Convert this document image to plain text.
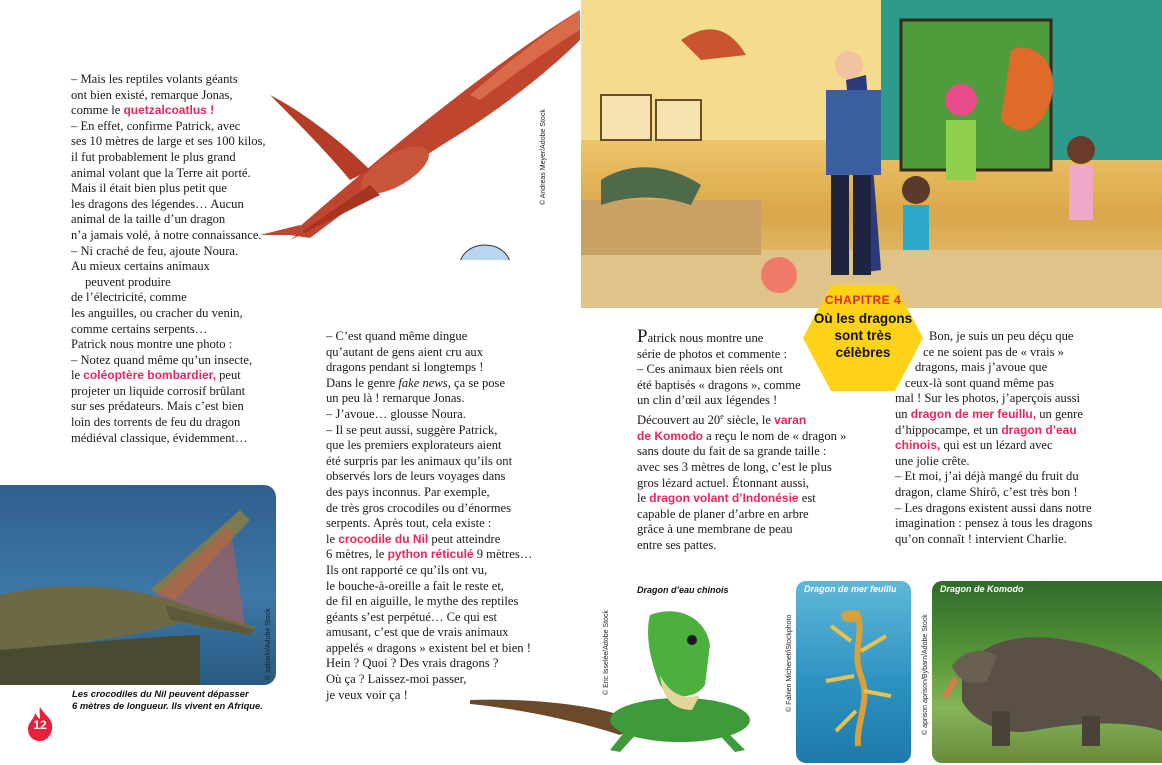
© Andreas Meyer/Adobe Stock

– Mais les reptiles volants géants

ont bien existé, remarque Jonas,

comme le quetzalcoatlus !

– En effet, confirme Patrick, avec

ses 10 mètres de large et ses 100 kilos,

il fut probablement le plus grand

animal volant que la Terre ait porté.

Mais il était bien plus petit que

les dragons des légendes… Aucun

animal de la taille d’un dragon

n’a jamais volé, à notre connaissance.

– Ni craché de feu, ajoute Noura.

Au mieux certains animaux

peuvent produire

de l’électricité, comme

les anguilles, ou cracher du venin,

comme certains serpents…

Patrick nous montre une photo :

– Notez quand même qu’un insecte,

le coléoptère bombardier, peut

projeter un liquide corrosif brûlant

sur ses prédateurs. Mais c’est bien

loin des torrents de feu du dragon

médiéval classique, évidemment…

© sabarlo/Adobe Stock
Les crocodiles du Nil peuvent dépasser
6 mètres de longueur. Ils vivent en Afrique.
12

– C’est quand même dingue

qu’autant de gens aient cru aux

dragons pendant si longtemps !

Dans le genre fake news, ça se pose

un peu là ! remarque Jonas.

– J’avoue… glousse Noura.

– Il se peut aussi, suggère Patrick,

que les premiers explorateurs aient

été surpris par les animaux qu’ils ont

observés lors de leurs voyages dans

des pays inconnus. Par exemple,

de très gros crocodiles ou d’énormes

serpents. Après tout, cela existe :

le crocodile du Nil peut atteindre

6 mètres, le python réticulé 9 mètres…

Ils ont rapporté ce qu’ils ont vu,

le bouche-à-oreille a fait le reste et,

de fil en aiguille, le mythe des reptiles

géants s’est perpétué… Ce qui est

amusant, c’est que de vrais animaux

appelés « dragons » existent bel et bien !

Hein ? Quoi ? Des vrais dragons ?

Où ça ? Laissez-moi passer,

je veux voir ça !

CHAPITRE 4
Où les dragons
sont très
célèbres

Patrick nous montre une

série de photos et commente :

– Ces animaux bien réels ont

été baptisés « dragons », comme

un clin d’œil aux légendes !

Découvert au 20e siècle, le varan

de Komodo a reçu le nom de « dragon »

sans doute du fait de sa grande taille :

avec ses 3 mètres de long, c’est le plus

gros lézard actuel. Étonnant aussi,

le dragon volant d’Indonésie est

capable de planer d’arbre en arbre

grâce à une membrane de peau

entre ses pattes.

Bon, je suis un peu déçu que

ce ne soient pas de « vrais »

dragons, mais j’avoue que

ceux-là sont quand même pas

mal ! Sur les photos, j’aperçois aussi

un dragon de mer feuillu, un genre

d’hippocampe, et un dragon d’eau

chinois, qui est un lézard avec

une jolie crête.

– Et moi, j’ai déjà mangé du fruit du

dragon, clame Shirô, c’est très bon !

– Les dragons existent aussi dans notre

imagination : pensez à tous les dragons

qu’on connaît ! intervient Charlie.

Dragon d’eau chinois
© Eric Isselée/Adobe Stock
Dragon de mer feuillu
© Fabien Michenet/iStockphoto
Dragon de Komodo
© aprison aprison/Bybarn/Adobe Stock
